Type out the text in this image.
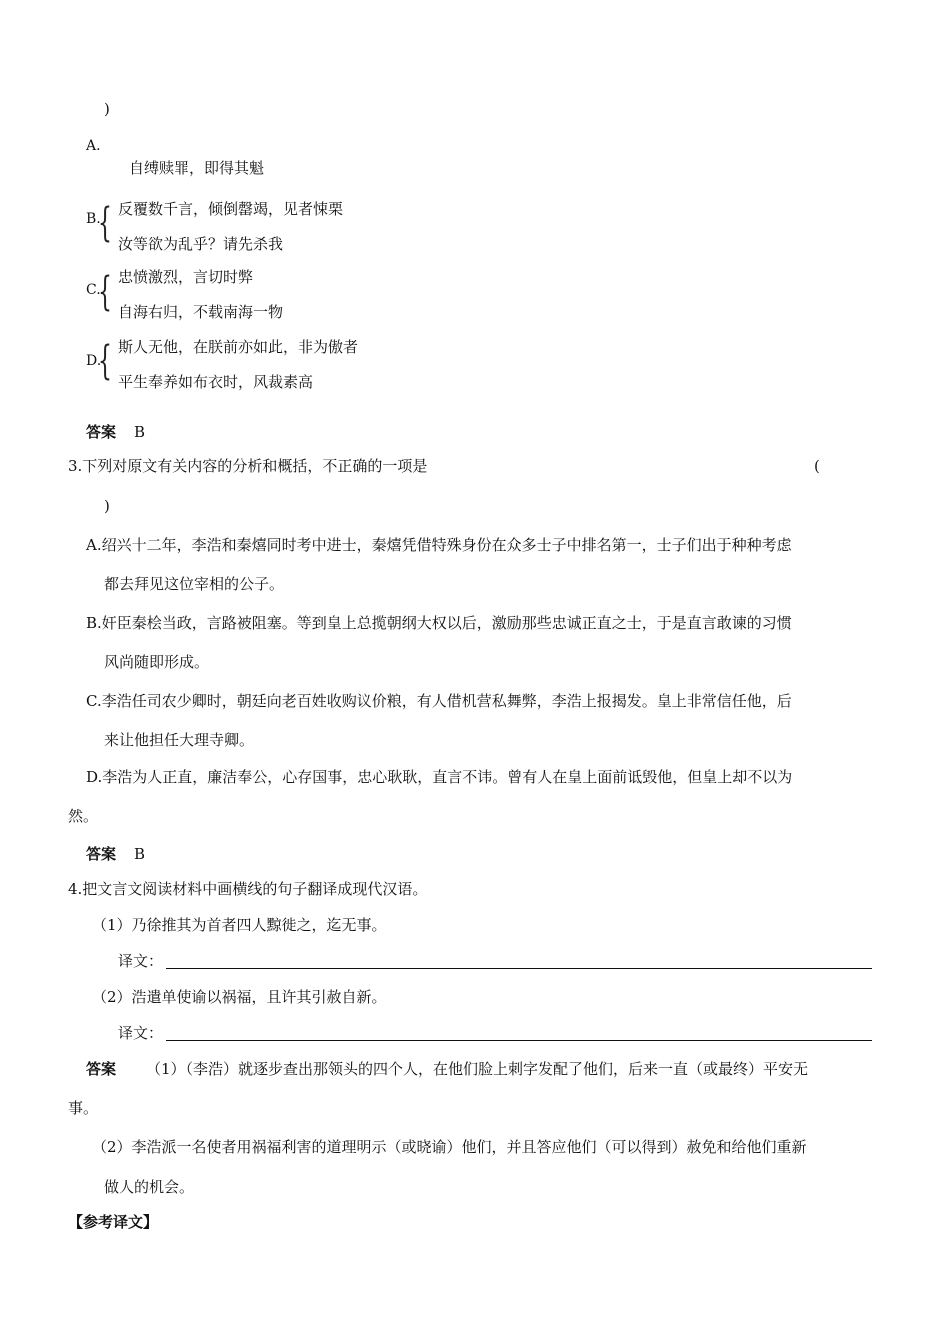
)
A.
自缚赎罪，即得其魁
B.
{ 反覆数千言，倾倒罄竭，见者悚栗
汝等欲为乱乎？请先杀我
C.
{ 忠愤激烈，言切时弊
自海右归，不载南海一物
D.
{ 斯人无他，在朕前亦如此，非为傲者
平生奉养如布衣时，风裁素高
答案 B
3.下列对原文有关内容的分析和概括，不正确的一项是	(
)
A.绍兴十二年，李浩和秦熺同时考中进士，秦熺凭借特殊身份在众多士子中排名第一，士子们出于种种考虑
都去拜见这位宰相的公子。
B.奸臣秦桧当政，言路被阻塞。等到皇上总揽朝纲大权以后，激励那些忠诚正直之士，于是直言敢谏的习惯
风尚随即形成。
C.李浩任司农少卿时，朝廷向老百姓收购议价粮，有人借机营私舞弊，李浩上报揭发。皇上非常信任他，后
来让他担任大理寺卿。
D.李浩为人正直，廉洁奉公，心存国事，忠心耿耿，直言不讳。曾有人在皇上面前诋毁他，但皇上却不以为
然。
答案 B
4.把文言文阅读材料中画横线的句子翻译成现代汉语。
（1）乃徐推其为首者四人黥徙之，迄无事。
译文：
（2）浩遣单使谕以祸福，且许其引赦自新。
译文：
答案 （1）（李浩）就逐步查出那领头的四个人，在他们脸上刺字发配了他们，后来一直（或最终）平安无
事。
（2）李浩派一名使者用祸福利害的道理明示（或晓谕）他们，并且答应他们（可以得到）赦免和给他们重新
做人的机会。
【参考译文】
